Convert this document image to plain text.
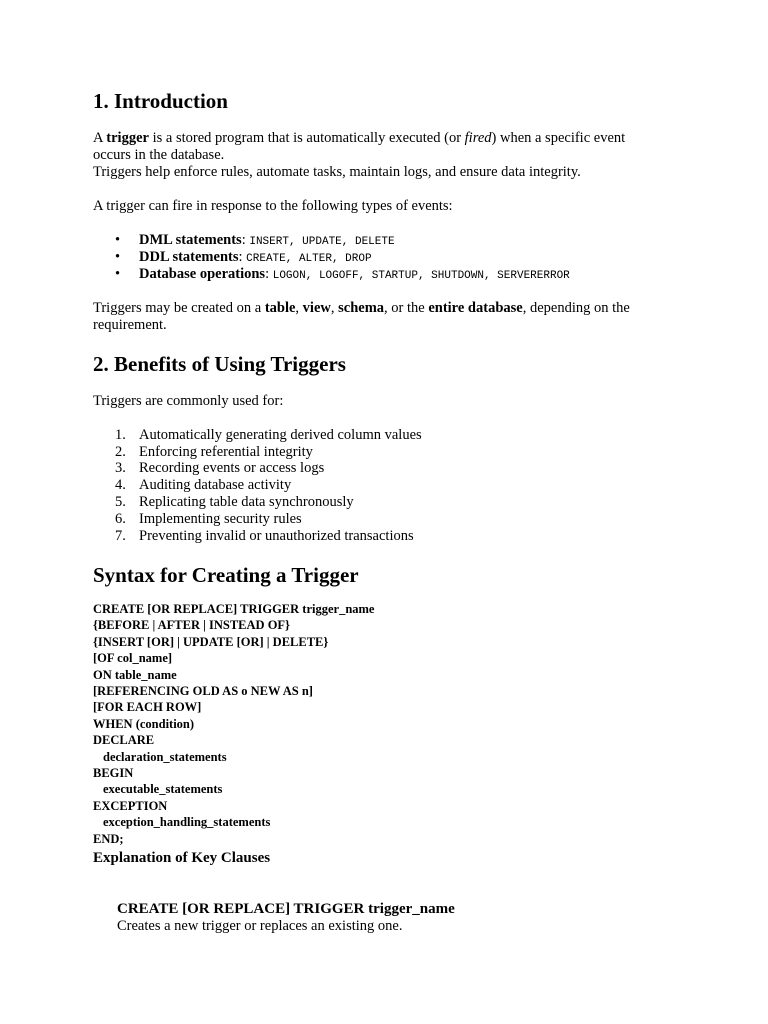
1. Introduction

A trigger is a stored program that is automatically executed (or fired) when a specific event

occurs in the database.

Triggers help enforce rules, automate tasks, maintain logs, and ensure data integrity.

A trigger can fire in response to the following types of events:

• DML statements: INSERT, UPDATE, DELETE
• DDL statements: CREATE, ALTER, DROP
• Database operations: LOGON, LOGOFF, STARTUP, SHUTDOWN, SERVERERROR

Triggers may be created on a table, view, schema, or the entire database, depending on the

requirement.

2. Benefits of Using Triggers

Triggers are commonly used for:

1. Automatically generating derived column values
2. Enforcing referential integrity
3. Recording events or access logs
4. Auditing database activity
5. Replicating table data synchronously
6. Implementing security rules
7. Preventing invalid or unauthorized transactions
Syntax for Creating a Trigger
CREATE [OR REPLACE] TRIGGER trigger_name
{BEFORE | AFTER | INSTEAD OF}
{INSERT [OR] | UPDATE [OR] | DELETE}
[OF col_name]
ON table_name
[REFERENCING OLD AS o NEW AS n]
[FOR EACH ROW]
WHEN (condition)
DECLARE
declaration_statements
BEGIN
executable_statements
EXCEPTION
exception_handling_statements
END;
Explanation of Key Clauses
CREATE [OR REPLACE] TRIGGER trigger_name
Creates a new trigger or replaces an existing one.
